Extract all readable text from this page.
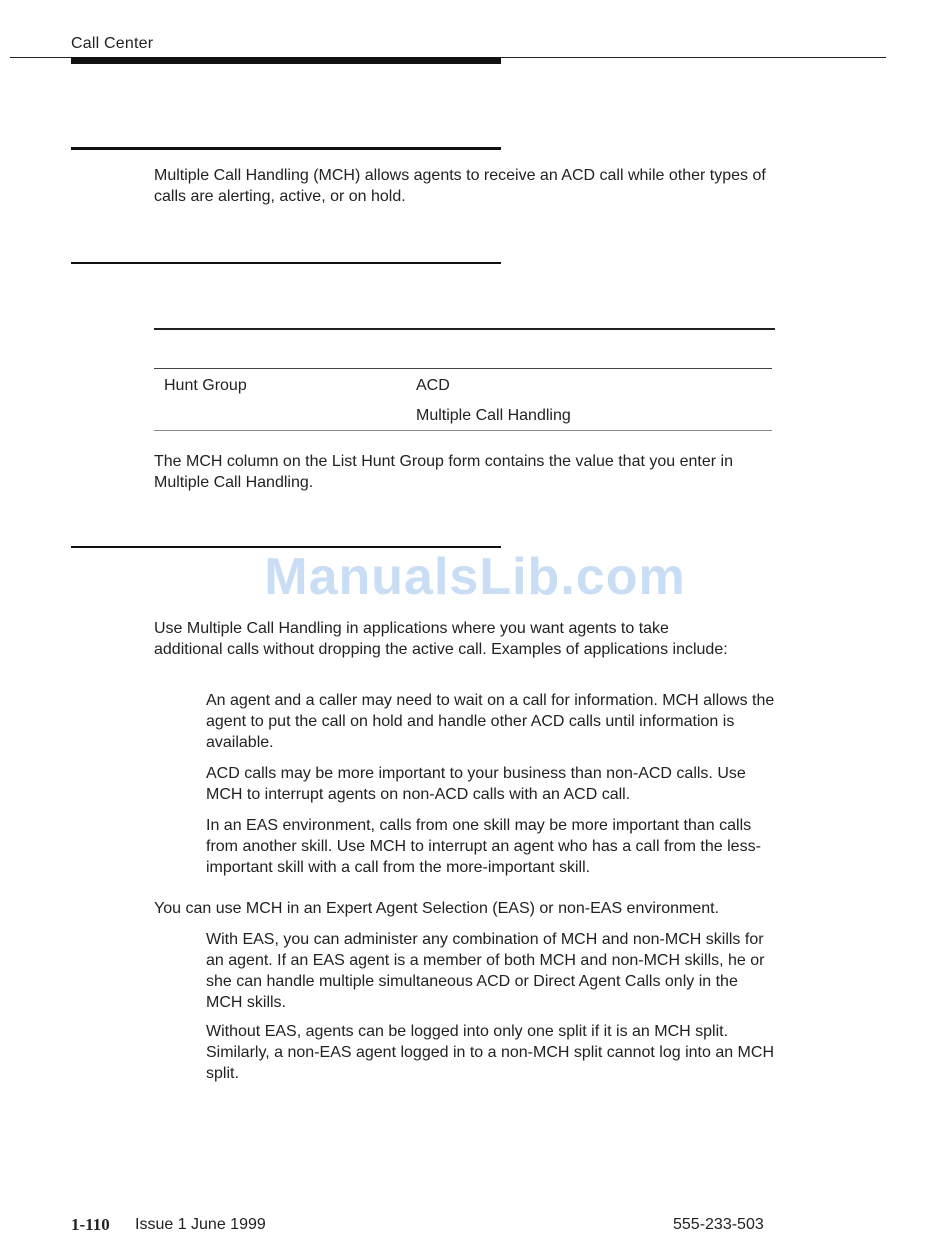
Call Center
Multiple Call Handling (MCH) allows agents to receive an ACD call while other types of calls are alerting, active, or on hold.
Hunt Group	ACD
Multiple Call Handling
The MCH column on the List Hunt Group form contains the value that you enter in Multiple Call Handling.
ManualsLib.com
Use Multiple Call Handling in applications where you want agents to take additional calls without dropping the active call. Examples of applications include:
An agent and a caller may need to wait on a call for information. MCH allows the agent to put the call on hold and handle other ACD calls until information is available.
ACD calls may be more important to your business than non-ACD calls. Use MCH to interrupt agents on non-ACD calls with an ACD call.
In an EAS environment, calls from one skill may be more important than calls from another skill. Use MCH to interrupt an agent who has a call from the less-important skill with a call from the more-important skill.
You can use MCH in an Expert Agent Selection (EAS) or non-EAS environment.
With EAS, you can administer any combination of MCH and non-MCH skills for an agent. If an EAS agent is a member of both MCH and non-MCH skills, he or she can handle multiple simultaneous ACD or Direct Agent Calls only in the MCH skills.
Without EAS, agents can be logged into only one split if it is an MCH split. Similarly, a non-EAS agent logged in to a non-MCH split cannot log into an MCH split.
1-110 Issue 1 June 1999	555-233-503
